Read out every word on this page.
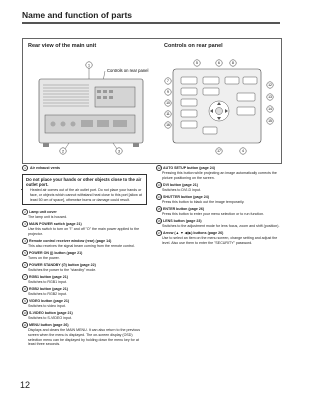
Name and function of parts
Rear view of the main unit	Controls on rear panel
1
Controls on rear panel
2	3
5	6	8
7
9
10
11
12
13
14
15
16
17	4
1 Air exhaust vents
Do not place your hands or other objects close to the air outlet port.
• Heated air comes out of the air outlet port. Do not place your hands or face, or objects which cannot withstand heat close to this port [allow at least 50 cm of space], otherwise burns or damage could result.
2 Lamp unit cover
The lamp unit is housed.
3 MAIN POWER switch (page 21)
Use this switch to turn on "I" and off "O" the main power applied to the projector.
4 Remote control receiver window (rear) (page 14)
This also receives the signal beam coming from the remote control.
5 POWER ON (|) button (page 21)
Turns on the power.
6 POWER STANDBY (⏻) button (page 22)
Switches the power to the "standby" mode.
7 RGB1 button (page 21)
Switches to RGB1 input.
8 RGB2 button (page 21)
Switches to RGB2 input.
9 VIDEO button (page 21)
Switches to video input.
10 S-VIDEO button (page 21)
Switches to S-VIDEO input.
11 MENU button (page 26)
Displays and clears the MAIN MENU. It can also return to the previous screen when the menu is displayed. The on-screen display (OSD) selection menu can be displayed by holding down the menu key for at least three seconds.
12 AUTO SETUP button (page 24)
Pressing this button while projecting an image automatically corrects the picture positioning on the screen.
13 DVI button (page 21)
Switches to DVI-D input.
14 SHUTTER button (page 24)
Press this button to black out the image temporarily.
15 ENTER button (page 26)
Press this button to enter your menu selection or to run function.
16 LENS button (page 23)
Switches to the adjustment mode for lens focus, zoom and shift (position).
17 Arrow (▲ ▼ ◀ ▶) buttons (page 26)
Use to select an item on the menu screen, change setting and adjust the level. Also use them to enter the "SECURITY" password.
12
